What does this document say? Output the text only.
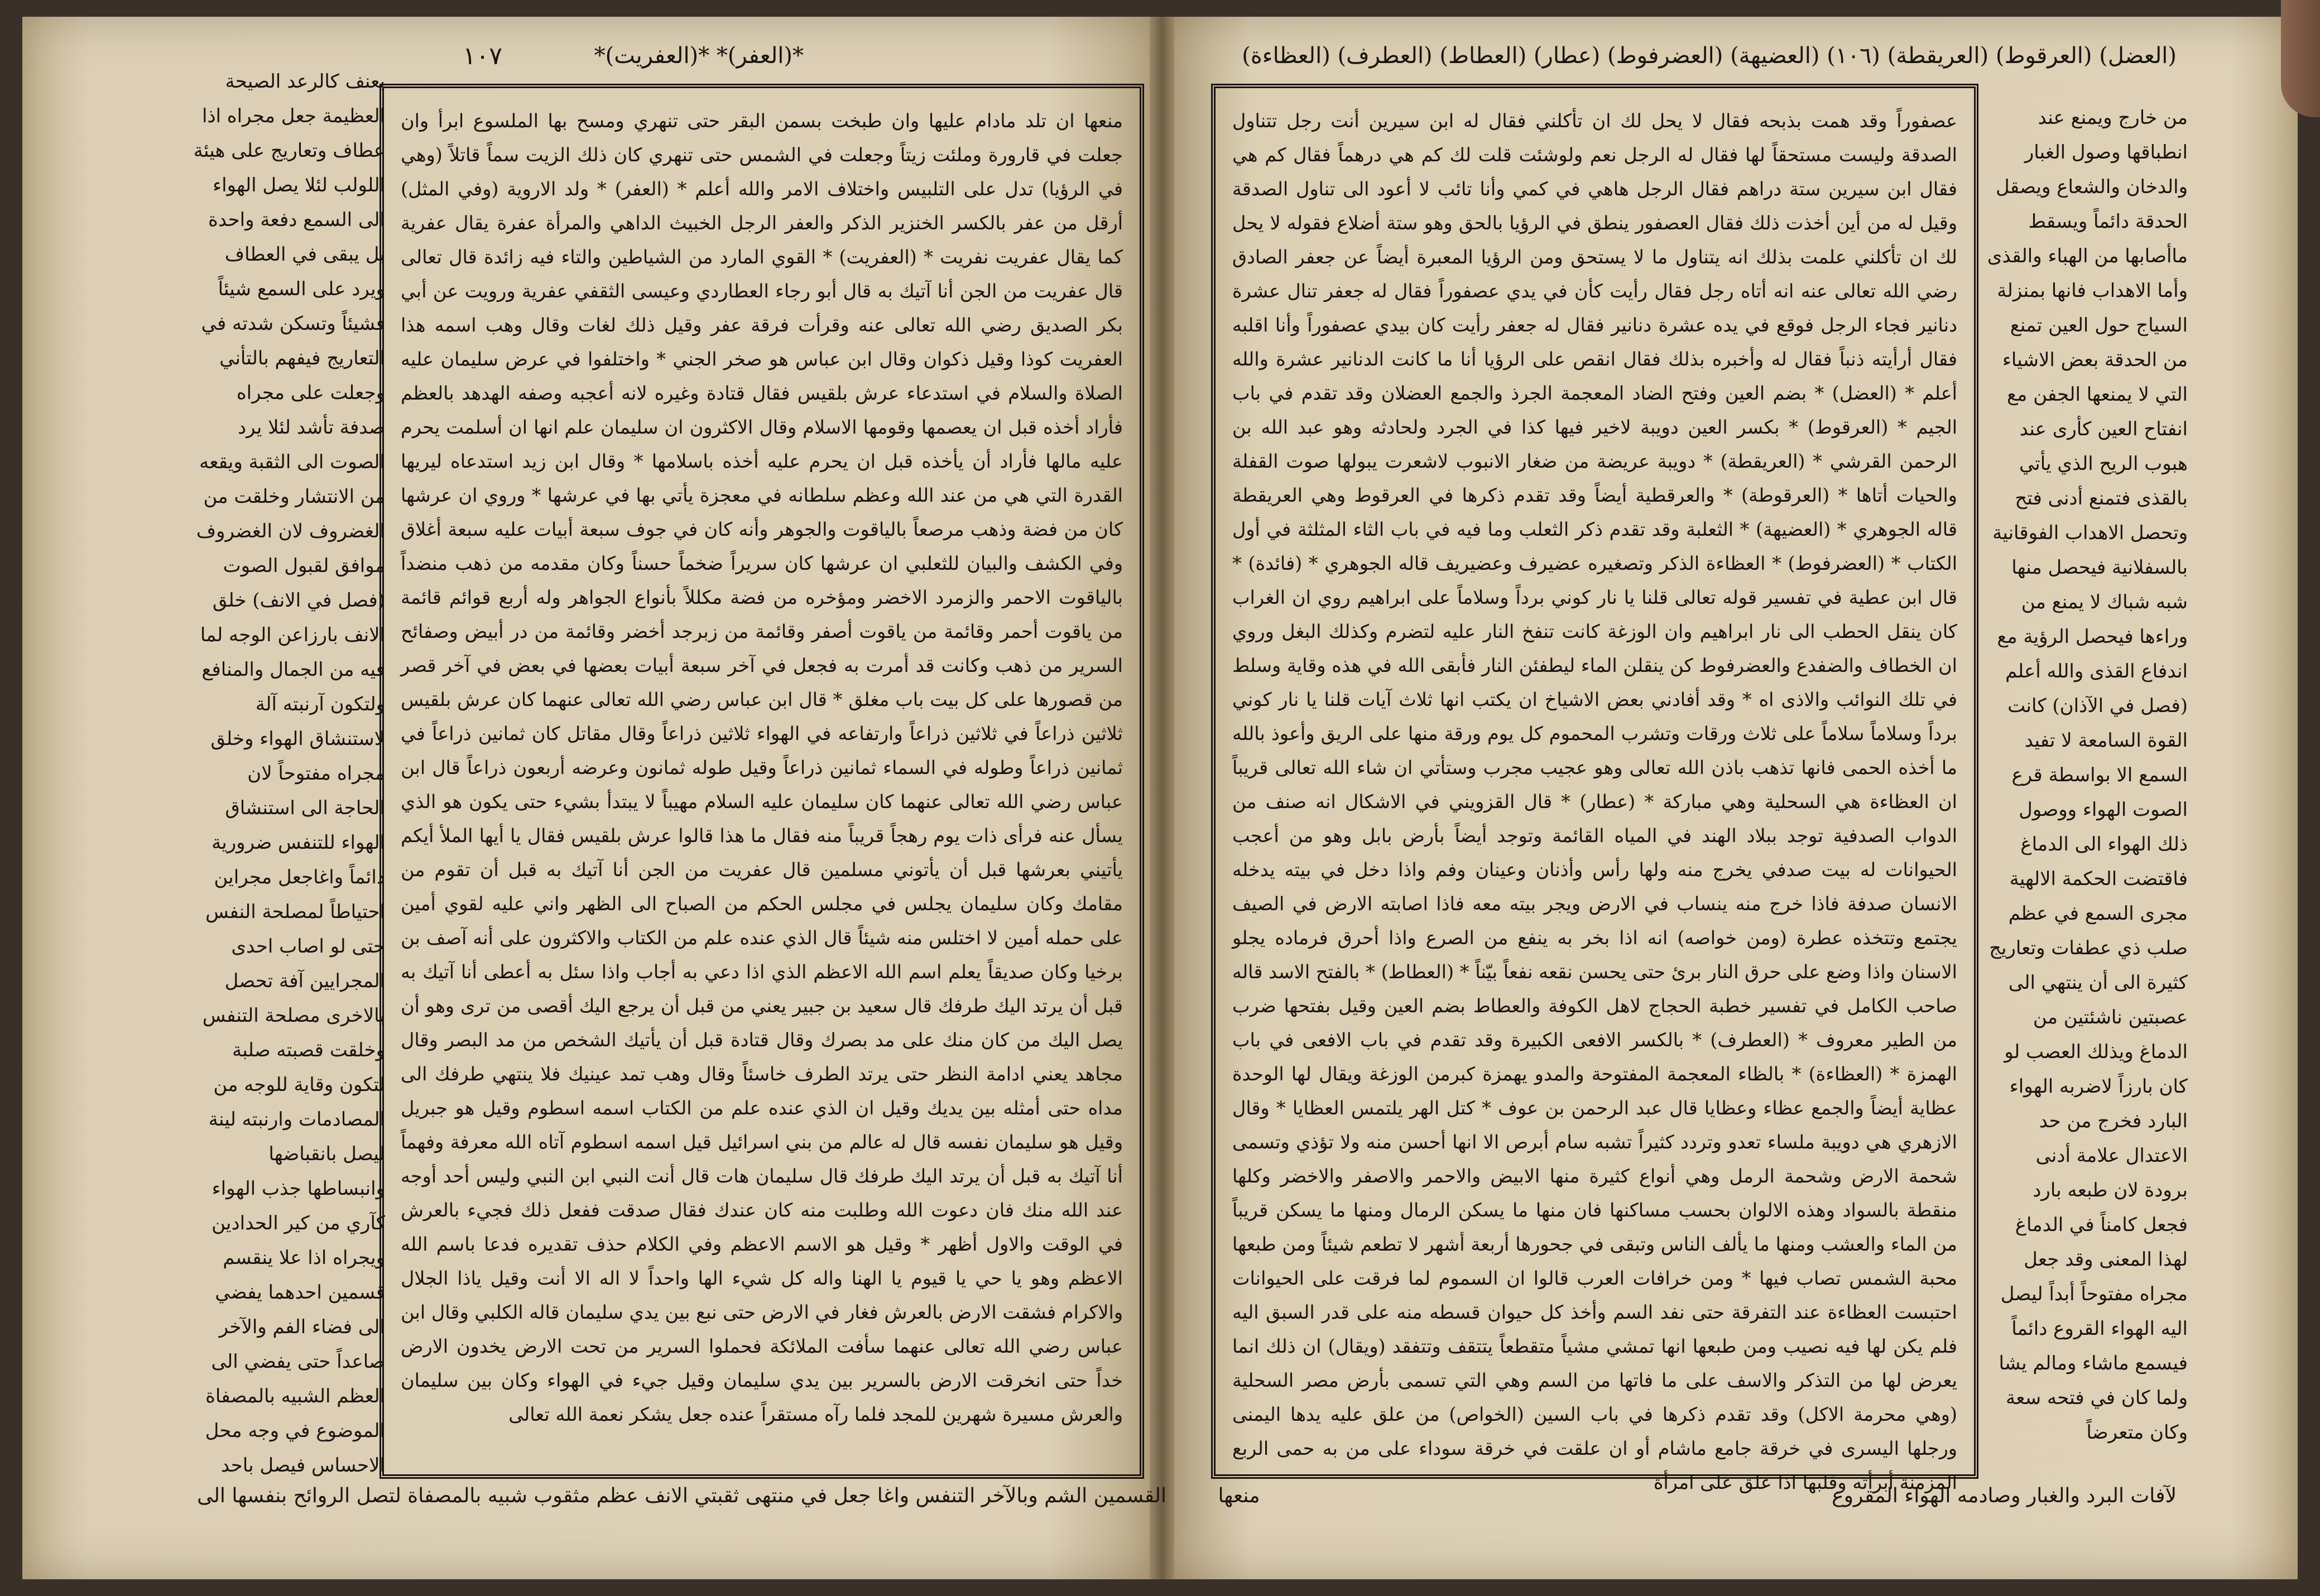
*(العفر)* *(العفريت)*
١٠٧
بعنف كالرعد الصيحة العظيمة جعل مجراه اذا عطاف وتعاريج على هيئة اللولب لئلا يصل الهواء الى السمع دفعة واحدة بل يبقى في العطاف ويرد على السمع شيئاً فشيئاً وتسكن شدته في التعاريج فيفهم بالتأني وجعلت على مجراه صدفة تأشد لئلا يرد الصوت الى الثقبة ويقعه من الانتشار وخلقت من الغضروف لان الغضروف موافق لقبول الصوت (فصل في الانف) خلق الانف بارزاعن الوجه لما فيه من الجمال والمنافع ولتكون آرنبته آلة لاستنشاق الهواء وخلق مجراه مفتوحاً لان الحاجة الى استنشاق الهواء للتنفس ضرورية دائماً واغاجعل مجراين احتياطاً لمصلحة النفس حتى لو اصاب احدى المجرايين آفة تحصل بالاخرى مصلحة التنفس وخلقت قصبته صلبة لتكون وقاية للوجه من المصادمات وارنبته لينة ليصل بانقباضها وانبساطها جذب الهواء كآري من كير الحدادين ويجراه اذا علا ينقسم قسمين احدهما يفضي الى فضاء الفم والآخر صاعداً حتى يفضي الى العظم الشبيه بالمصفاة الموضوع في وجه محل الاحساس فيصل باحد
منعها ان تلد مادام عليها وان طبخت بسمن البقر حتى تنهري ومسح بها الملسوع ابرأ وان جعلت في قارورة وملئت زيتاً وجعلت في الشمس حتى تنهري كان ذلك الزيت سماً قاتلاً (وهي في الرؤيا) تدل على التلبيس واختلاف الامر والله أعلم * (العفر) * ولد الاروية (وفي المثل) أرقل من عفر بالكسر الخنزير الذكر والعفر الرجل الخبيث الداهي والمرأة عفرة يقال عفرية كما يقال عفريت نفريت * (العفريت) * القوي المارد من الشياطين والتاء فيه زائدة قال تعالى قال عفريت من الجن أنا آتيك به قال أبو رجاء العطاردي وعيسى الثقفي عفرية ورويت عن أبي بكر الصديق رضي الله تعالى عنه وقرأت فرقة عفر وقيل ذلك لغات وقال وهب اسمه هذا العفريت كوذا وقيل ذكوان وقال ابن عباس هو صخر الجني * واختلفوا في عرض سليمان عليه الصلاة والسلام في استدعاء عرش بلقيس فقال قتادة وغيره لانه أعجبه وصفه الهدهد بالعظم فأراد أخذه قبل ان يعصمها وقومها الاسلام وقال الاكثرون ان سليمان علم انها ان أسلمت يحرم عليه مالها فأراد أن يأخذه قبل ان يحرم عليه أخذه باسلامها * وقال ابن زيد استدعاه ليريها القدرة التي هي من عند الله وعظم سلطانه في معجزة يأتي بها في عرشها * وروي ان عرشها كان من فضة وذهب مرصعاً بالياقوت والجوهر وأنه كان في جوف سبعة أبيات عليه سبعة أغلاق وفي الكشف والبيان للثعلبي ان عرشها كان سريراً ضخماً حسناً وكان مقدمه من ذهب منضداً بالياقوت الاحمر والزمرد الاخضر ومؤخره من فضة مكللاً بأنواع الجواهر وله أربع قوائم قائمة من ياقوت أحمر وقائمة من ياقوت أصفر وقائمة من زبرجد أخضر وقائمة من در أبيض وصفائح السرير من ذهب وكانت قد أمرت به فجعل في آخر سبعة أبيات بعضها في بعض في آخر قصر من قصورها على كل بيت باب مغلق * قال ابن عباس رضي الله تعالى عنهما كان عرش بلقيس ثلاثين ذراعاً في ثلاثين ذراعاً وارتفاعه في الهواء ثلاثين ذراعاً وقال مقاتل كان ثمانين ذراعاً في ثمانين ذراعاً وطوله في السماء ثمانين ذراعاً وقيل طوله ثمانون وعرضه أربعون ذراعاً قال ابن عباس رضي الله تعالى عنهما كان سليمان عليه السلام مهيباً لا يبتدأ بشيء حتى يكون هو الذي يسأل عنه فرأى ذات يوم رهجاً قريباً منه فقال ما هذا قالوا عرش بلقيس فقال يا أيها الملأ أيكم يأتيني بعرشها قبل أن يأتوني مسلمين قال عفريت من الجن أنا آتيك به قبل أن تقوم من مقامك وكان سليمان يجلس في مجلس الحكم من الصباح الى الظهر واني عليه لقوي أمين على حمله أمين لا اختلس منه شيئاً قال الذي عنده علم من الكتاب والاكثرون على أنه آصف بن برخيا وكان صديقاً يعلم اسم الله الاعظم الذي اذا دعي به أجاب واذا سئل به أعطى أنا آتيك به قبل أن يرتد اليك طرفك قال سعيد بن جبير يعني من قبل أن يرجع اليك أقصى من ترى وهو أن يصل اليك من كان منك على مد بصرك وقال قتادة قبل أن يأتيك الشخص من مد البصر وقال مجاهد يعني ادامة النظر حتى يرتد الطرف خاسئاً وقال وهب تمد عينيك فلا ينتهي طرفك الى مداه حتى أمثله بين يديك وقيل ان الذي عنده علم من الكتاب اسمه اسطوم وقيل هو جبريل وقيل هو سليمان نفسه قال له عالم من بني اسرائيل قيل اسمه اسطوم آتاه الله معرفة وفهماً أنا آتيك به قبل أن يرتد اليك طرفك قال سليمان هات قال أنت النبي ابن النبي وليس أحد أوجه عند الله منك فان دعوت الله وطلبت منه كان عندك فقال صدقت ففعل ذلك فجيء بالعرش في الوقت والاول أظهر * وقيل هو الاسم الاعظم وفي الكلام حذف تقديره فدعا باسم الله الاعظم وهو يا حي يا قيوم يا الهنا واله كل شيء الها واحداً لا اله الا أنت وقيل ياذا الجلال والاكرام فشقت الارض بالعرش فغار في الارض حتى نبع بين يدي سليمان قاله الكلبي وقال ابن عباس رضي الله تعالى عنهما سأفت الملائكة فحملوا السرير من تحت الارض يخدون الارض خداً حتى انخرقت الارض بالسرير بين يدي سليمان وقيل جيء في الهواء وكان بين سليمان والعرش مسيرة شهرين للمجد فلما رآه مستقراً عنده جعل يشكر نعمة الله تعالى
القسمين الشم وبالآخر التنفس واغا جعل في منتهى ثقبتي الانف عظم مثقوب شبيه بالمصفاة لتصل الروائح بنفسها الى
(العضل) (العرقوط) (العريقطة) (١٠٦) (العضيهة) (العضرفوط) (عطار) (العطاط) (العطرف) (العظاءة)
عصفوراً وقد همت بذبحه فقال لا يحل لك ان تأكلني فقال له ابن سيرين أنت رجل تتناول الصدقة وليست مستحقاً لها فقال له الرجل نعم ولوشئت قلت لك كم هي درهماً فقال كم هي فقال ابن سيرين ستة دراهم فقال الرجل هاهي في كمي وأنا تائب لا أعود الى تناول الصدقة وقيل له من أين أخذت ذلك فقال العصفور ينطق في الرؤيا بالحق وهو ستة أضلاع فقوله لا يحل لك ان تأكلني علمت بذلك انه يتناول ما لا يستحق ومن الرؤيا المعبرة أيضاً عن جعفر الصادق رضي الله تعالى عنه انه أتاه رجل فقال رأيت كأن في يدي عصفوراً فقال له جعفر تنال عشرة دنانير فجاء الرجل فوقع في يده عشرة دنانير فقال له جعفر رأيت كان بيدي عصفوراً وأنا اقلبه فقال أرأيته ذنباً فقال له وأخبره بذلك فقال انقص على الرؤيا أنا ما كانت الدنانير عشرة والله أعلم * (العضل) * بضم العين وفتح الضاد المعجمة الجرذ والجمع العضلان وقد تقدم في باب الجيم * (العرقوط) * بكسر العين دويبة لاخير فيها كذا في الجرد ولحادثه وهو عبد الله بن الرحمن القرشي * (العريقطة) * دويبة عريضة من ضغار الانبوب لاشعرت يبولها صوت القفلة والحيات أتاها * (العرقوطة) * والعرقطية أيضاً وقد تقدم ذكرها في العرقوط وهي العريقطة قاله الجوهري * (العضيهة) * الثعلبة وقد تقدم ذكر الثعلب وما فيه في باب الثاء المثلثة في أول الكتاب * (العضرفوط) * العظاءة الذكر وتصغيره عضيرف وعضيريف قاله الجوهري * (فائدة) * قال ابن عطية في تفسير قوله تعالى قلنا يا نار كوني برداً وسلاماً على ابراهيم روي ان الغراب كان ينقل الحطب الى نار ابراهيم وان الوزغة كانت تنفخ النار عليه لتضرم وكذلك البغل وروي ان الخطاف والضفدع والعضرفوط كن ينقلن الماء ليطفئن النار فأبقى الله في هذه وقاية وسلط في تلك النوائب والاذى اه * وقد أفادني بعض الاشياخ ان يكتب انها ثلاث آيات قلنا يا نار كوني برداً وسلاماً سلاماً على ثلاث ورقات وتشرب المحموم كل يوم ورقة منها على الريق وأعوذ بالله ما أخذه الحمى فانها تذهب باذن الله تعالى وهو عجيب مجرب وستأتي ان شاء الله تعالى قريباً ان العظاءة هي السحلية وهي مباركة * (عطار) * قال القزويني في الاشكال انه صنف من الدواب الصدفية توجد ببلاد الهند في المياه القائمة وتوجد أيضاً بأرض بابل وهو من أعجب الحيوانات له بيت صدفي يخرج منه ولها رأس وأذنان وعينان وفم واذا دخل في بيته يدخله الانسان صدفة فاذا خرج منه ينساب في الارض ويجر بيته معه فاذا اصابته الارض في الصيف يجتمع وتتخذه عطرة (ومن خواصه) انه اذا بخر به ينفع من الصرع واذا أحرق فرماده يجلو الاسنان واذا وضع على حرق النار برئ حتى يحسن نقعه نفعاً بيّناً * (العطاط) * بالفتح الاسد قاله صاحب الكامل في تفسير خطبة الحجاج لاهل الكوفة والعطاط بضم العين وقيل بفتحها ضرب من الطير معروف * (العطرف) * بالكسر الافعى الكبيرة وقد تقدم في باب الافعى في باب الهمزة * (العظاءة) * بالظاء المعجمة المفتوحة والمدو يهمزة كبرمن الوزغة ويقال لها الوحدة عظاية أيضاً والجمع عظاء وعظايا قال عبد الرحمن بن عوف * كتل الهر يلتمس العظايا * وقال الازهري هي دويبة ملساء تعدو وتردد كثيراً تشبه سام أبرص الا انها أحسن منه ولا تؤذي وتسمى شحمة الارض وشحمة الرمل وهي أنواع كثيرة منها الابيض والاحمر والاصفر والاخضر وكلها منقطة بالسواد وهذه الالوان بحسب مساكنها فان منها ما يسكن الرمال ومنها ما يسكن قريباً من الماء والعشب ومنها ما يألف الناس وتبقى في جحورها أربعة أشهر لا تطعم شيئاً ومن طبعها محبة الشمس تصاب فيها * ومن خرافات العرب قالوا ان السموم لما فرقت على الحيوانات احتبست العظاءة عند التفرقة حتى نفد السم وأخذ كل حيوان قسطه منه على قدر السبق اليه فلم يكن لها فيه نصيب ومن طبعها انها تمشي مشياً متقطعاً يتتقف وتتفقد (ويقال) ان ذلك انما يعرض لها من التذكر والاسف على ما فاتها من السم وهي التي تسمى بأرض مصر السحلية (وهي محرمة الاكل) وقد تقدم ذكرها في باب السين (الخواص) من علق عليه يدها اليمنى ورجلها اليسرى في خرقة جامع ماشام أو ان علقت في خرقة سوداء على من به حمى الربع المزمنة أبرأته وقلبها اذا علق على امرأة
من خارج ويمنع عند انطباقها وصول الغبار والدخان والشعاع ويصقل الحدقة دائماً ويسقط ماأصابها من الهباء والقذى وأما الاهداب فانها بمنزلة السياج حول العين تمنع من الحدقة بعض الاشياء التي لا يمنعها الجفن مع انفتاح العين كأرى عند هبوب الريح الذي يأتي بالقذى فتمنع أدنى فتح وتحصل الاهداب الفوقانية بالسفلانية فيحصل منها شبه شباك لا يمنع من وراءها فيحصل الرؤية مع اندفاع القذى والله أعلم (فصل في الآذان) كانت القوة السامعة لا تفيد السمع الا بواسطة قرع الصوت الهواء ووصول ذلك الهواء الى الدماغ فاقتضت الحكمة الالهية مجرى السمع في عظم صلب ذي عطفات وتعاريج كثيرة الى أن ينتهي الى عصبتين ناشئتين من الدماغ ويذلك العصب لو كان بارزاً لاضربه الهواء البارد فخرج من حد الاعتدال علامة أدنى برودة لان طبعه بارد فجعل كامناً في الدماغ لهذا المعنى وقد جعل مجراه مفتوحاً أبداً ليصل اليه الهواء القروع دائماً فيسمع ماشاء ومالم يشا ولما كان في فتحه سعة وكان متعرضاً
لآفات البرد والغبار وصادمه الهواء المقروع
منعها
